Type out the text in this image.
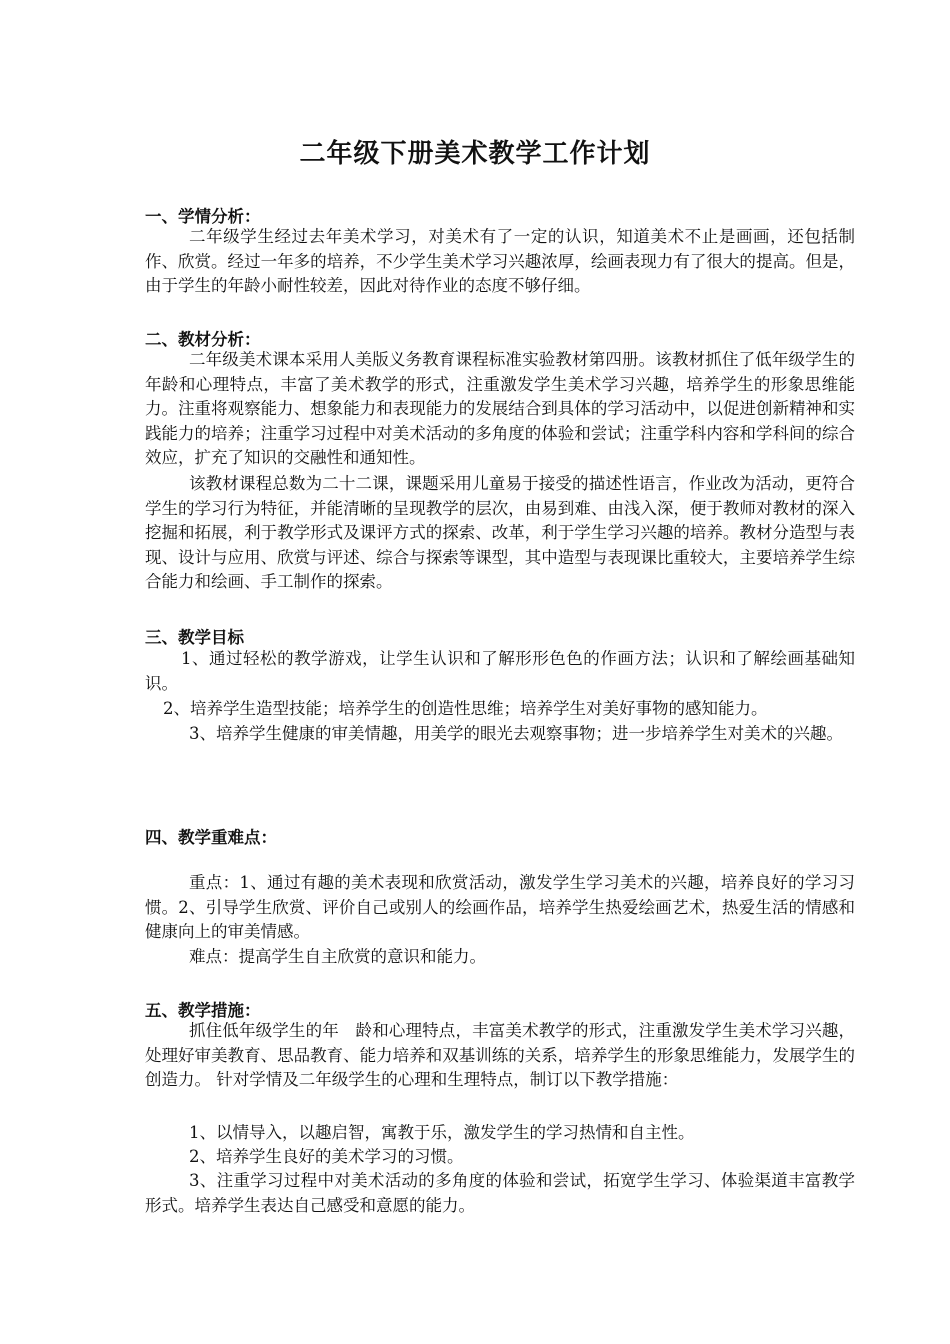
二年级下册美术教学工作计划
一、学情分析：
二年级学生经过去年美术学习，对美术有了一定的认识，知道美术不止是画画，还包括制作、欣赏。经过一年多的培养，不少学生美术学习兴趣浓厚，绘画表现力有了很大的提高。但是，由于学生的年龄小耐性较差，因此对待作业的态度不够仔细。
二、教材分析：
二年级美术课本采用人美版义务教育课程标准实验教材第四册。该教材抓住了低年级学生的年龄和心理特点，丰富了美术教学的形式，注重激发学生美术学习兴趣，培养学生的形象思维能力。注重将观察能力、想象能力和表现能力的发展结合到具体的学习活动中，以促进创新精神和实践能力的培养；注重学习过程中对美术活动的多角度的体验和尝试；注重学科内容和学科间的综合效应，扩充了知识的交融性和通知性。
该教材课程总数为二十二课，课题采用儿童易于接受的描述性语言，作业改为活动，更符合学生的学习行为特征，并能清晰的呈现教学的层次，由易到难、由浅入深，便于教师对教材的深入挖掘和拓展，利于教学形式及课评方式的探索、改革，利于学生学习兴趣的培养。教材分造型与表现、设计与应用、欣赏与评述、综合与探索等课型，其中造型与表现课比重较大，主要培养学生综合能力和绘画、手工制作的探索。
三、教学目标
1、通过轻松的教学游戏，让学生认识和了解形形色色的作画方法；认识和了解绘画基础知识。
2、培养学生造型技能；培养学生的创造性思维；培养学生对美好事物的感知能力。
3、培养学生健康的审美情趣，用美学的眼光去观察事物；进一步培养学生对美术的兴趣。
四、教学重难点：
重点：1、通过有趣的美术表现和欣赏活动，激发学生学习美术的兴趣，培养良好的学习习惯。2、引导学生欣赏、评价自己或别人的绘画作品，培养学生热爱绘画艺术，热爱生活的情感和健康向上的审美情感。
难点：提高学生自主欣赏的意识和能力。
五、教学措施：
抓住低年级学生的年　龄和心理特点，丰富美术教学的形式，注重激发学生美术学习兴趣，处理好审美教育、思品教育、能力培养和双基训练的关系，培养学生的形象思维能力，发展学生的创造力。 针对学情及二年级学生的心理和生理特点，制订以下教学措施：
1、以情导入，以趣启智，寓教于乐，激发学生的学习热情和自主性。
2、培养学生良好的美术学习的习惯。
3、注重学习过程中对美术活动的多角度的体验和尝试，拓宽学生学习、体验渠道丰富教学形式。培养学生表达自己感受和意愿的能力。
